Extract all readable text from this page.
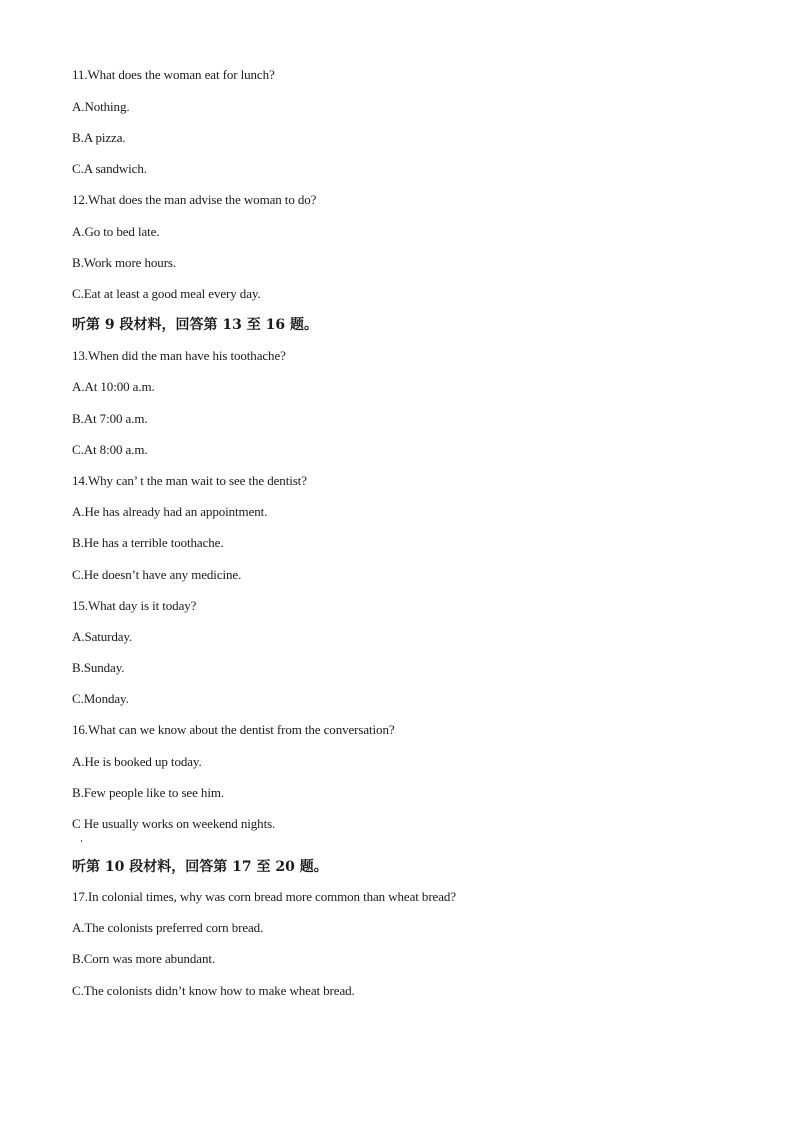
11.What does the woman eat for lunch?
A.Nothing.
B.A pizza.
C.A sandwich.
12.What does the man advise the woman to do?
A.Go to bed late.
B.Work more hours.
C.Eat at least a good meal every day.
听第 9 段材料，回答第 13 至 16 题。
13.When did the man have his toothache?
A.At 10:00 a.m.
B.At 7:00 a.m.
C.At 8:00 a.m.
14.Why can’ t the man wait to see the dentist?
A.He has already had an appointment.
B.He has a terrible toothache.
C.He doesn’t have any medicine.
15.What day is it today?
A.Saturday.
B.Sunday.
C.Monday.
16.What can we know about the dentist from the conversation?
A.He is booked up today.
B.Few people like to see him.
C He usually works on weekend nights.
听第 10 段材料，回答第 17 至 20 题。
17.In colonial times, why was corn bread more common than wheat bread?
A.The colonists preferred corn bread.
B.Corn was more abundant.
C.The colonists didn’t know how to make wheat bread.
